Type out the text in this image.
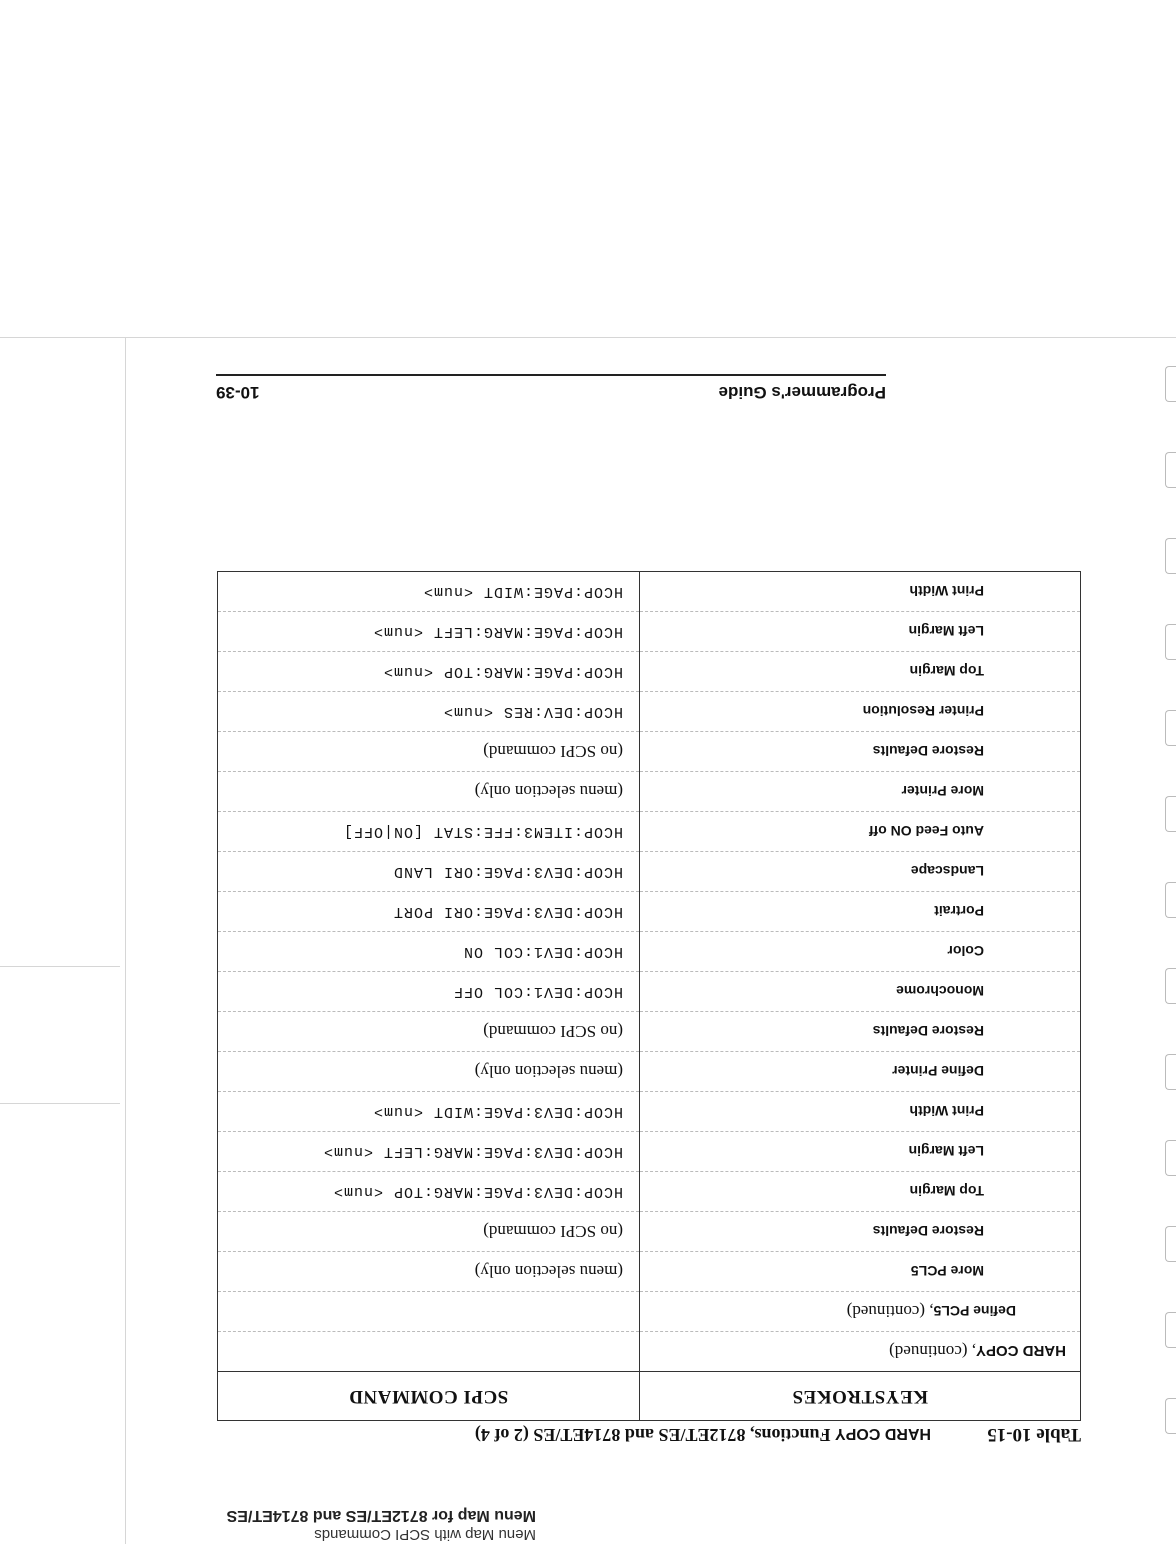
Menu Map with SCPI Commands
Menu Map for 8712ET/ES and 8714ET/ES
Table 10-15
HARD COPY Functions, 8712ET/ES and 8714ET/ES (2 of 4)
KEYSTROKES	SCPI COMMAND
HARD COPY, (continued)	
Define PCL5, (continued)	
More PCL5	(menu selection only)
Restore Defaults	(no SCPI command)
Top Margin	HCOP:DEV3:PAGE:MARG:TOP <num>
Left Margin	HCOP:DEV3:PAGE:MARG:LEFT <num>
Print Width	HCOP:DEV3:PAGE:WIDT <num>
Define Printer	(menu selection only)
Restore Defaults	(no SCPI command)
Monochrome	HCOP:DEV1:COL OFF
Color	HCOP:DEV1:COL ON
Portrait	HCOP:DEV3:PAGE:ORI PORT
Landscape	HCOP:DEV3:PAGE:ORI LAND
Auto Feed ON off	HCOP:ITEM3:FFE:STAT [ON|OFF]
More Printer	(menu selection only)
Restore Defaults	(no SCPI command)
Printer Resolution	HCOP:DEV:RES <num>
Top Margin	HCOP:PAGE:MARG:TOP <num>
Left Margin	HCOP:PAGE:MARG:LEFT <num>
Print Width	HCOP:PAGE:WIDT <num>
Programmer's Guide
10-39
